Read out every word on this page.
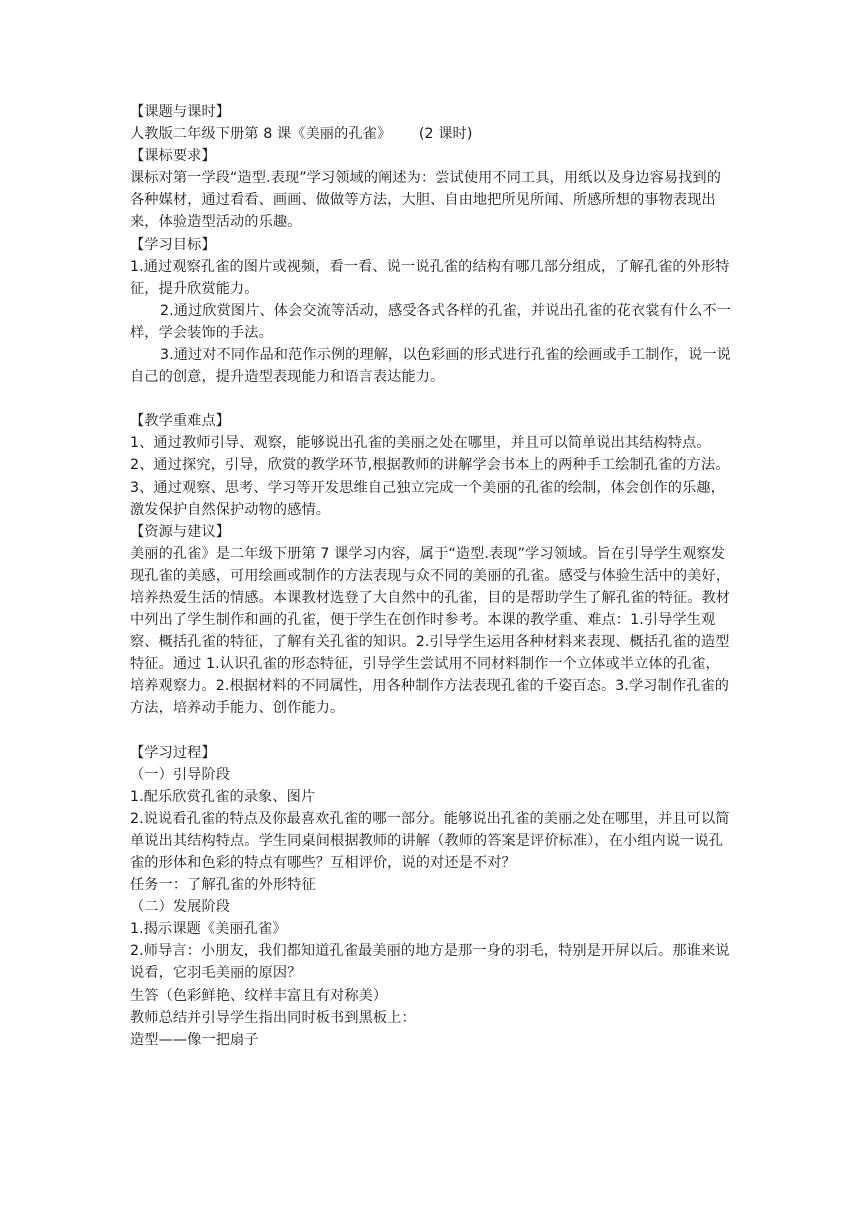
【课题与课时】

人教版二年级下册第 8 课《美丽的孔雀》      (2 课时)

【课标要求】

课标对第一学段“造型.表现”学习领域的阐述为：尝试使用不同工具，用纸以及身边容易找到的各种媒材，通过看看、画画、做做等方法，大胆、自由地把所见所闻、所感所想的事物表现出来，体验造型活动的乐趣。

【学习目标】

1.通过观察孔雀的图片或视频，看一看、说一说孔雀的结构有哪几部分组成，了解孔雀的外形特征，提升欣赏能力。

2.通过欣赏图片、体会交流等活动，感受各式各样的孔雀，并说出孔雀的花衣裳有什么不一样，学会装饰的手法。

3.通过对不同作品和范作示例的理解，以色彩画的形式进行孔雀的绘画或手工制作，说一说自己的创意，提升造型表现能力和语言表达能力。

【教学重难点】

1、通过教师引导、观察，能够说出孔雀的美丽之处在哪里，并且可以简单说出其结构特点。

2、通过探究，引导，欣赏的教学环节,根据教师的讲解学会书本上的两种手工绘制孔雀的方法。

3、通过观察、思考、学习等开发思维自己独立完成一个美丽的孔雀的绘制，体会创作的乐趣，激发保护自然保护动物的感情。

【资源与建议】

美丽的孔雀》是二年级下册第 7 课学习内容，属于“造型.表现”学习领域。旨在引导学生观察发现孔雀的美感，可用绘画或制作的方法表现与众不同的美丽的孔雀。感受与体验生活中的美好，培养热爱生活的情感。本课教材选登了大自然中的孔雀，目的是帮助学生了解孔雀的特征。教材中列出了学生制作和画的孔雀，便于学生在创作时参考。本课的教学重、难点：1.引导学生观察、概括孔雀的特征，了解有关孔雀的知识。2.引导学生运用各种材料来表现、概括孔雀的造型特征。通过 1.认识孔雀的形态特征，引导学生尝试用不同材料制作一个立体或半立体的孔雀，培养观察力。2.根据材料的不同属性，用各种制作方法表现孔雀的千姿百态。3.学习制作孔雀的方法，培养动手能力、创作能力。

【学习过程】

（一）引导阶段

1.配乐欣赏孔雀的录象、图片

2.说说看孔雀的特点及你最喜欢孔雀的哪一部分。能够说出孔雀的美丽之处在哪里，并且可以简单说出其结构特点。学生同桌间根据教师的讲解（教师的答案是评价标准），在小组内说一说孔雀的形体和色彩的特点有哪些？互相评价，说的对还是不对？

任务一：了解孔雀的外形特征

（二）发展阶段

1.揭示课题《美丽孔雀》

2.师导言：小朋友，我们都知道孔雀最美丽的地方是那一身的羽毛，特别是开屏以后。那谁来说说看，它羽毛美丽的原因？

生答（色彩鲜艳、纹样丰富且有对称美）

教师总结并引导学生指出同时板书到黑板上：

造型——像一把扇子
